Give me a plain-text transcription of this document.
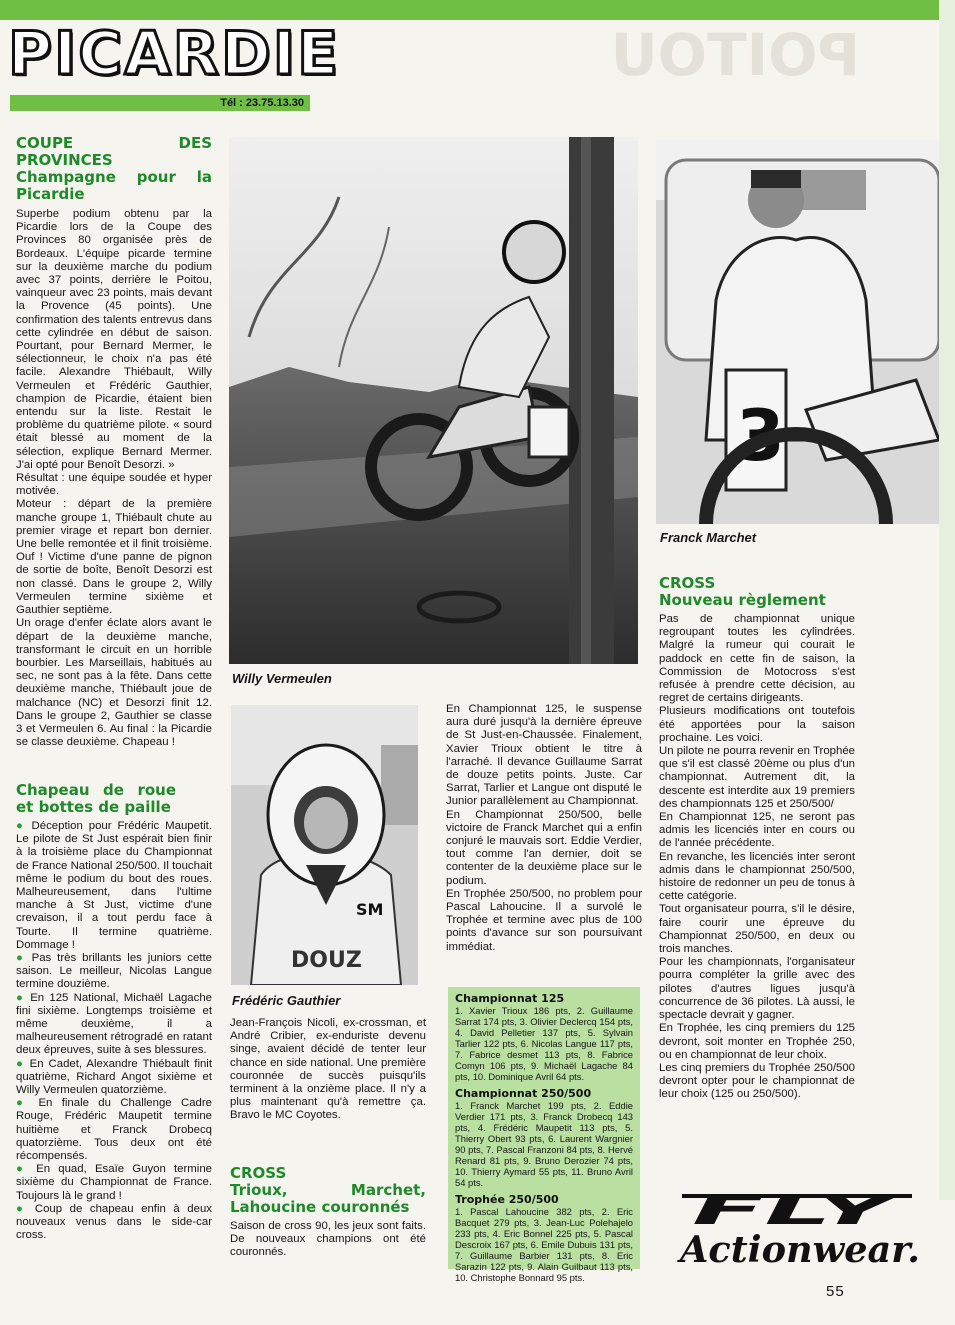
POITOU
PICARDIE
Tél : 23.75.13.30
COUPE DES PROVINCES
Champagne pour la Picardie

Superbe podium obtenu par la Picardie lors de la Coupe des Provinces 80 organisée près de Bordeaux. L'équipe picarde termine sur la deuxième marche du podium avec 37 points, derrière le Poitou, vainqueur avec 23 points, mais devant la Provence (45 points). Une confirmation des talents entrevus dans cette cylindrée en début de saison. Pourtant, pour Bernard Mermer, le sélectionneur, le choix n'a pas été facile. Alexandre Thiébault, Willy Vermeulen et Frédéric Gauthier, champion de Picardie, étaient bien entendu sur la liste. Restait le problème du quatrième pilote. « sourd était blessé au moment de la sélection, explique Bernard Mermer. J'ai opté pour Benoît Desorzi. »

Résultat : une équipe soudée et hyper motivée.

Moteur : départ de la première manche groupe 1, Thiébault chute au premier virage et repart bon dernier. Une belle remontée et il finit troisième. Ouf ! Victime d'une panne de pignon de sortie de boîte, Benoît Desorzi est non classé. Dans le groupe 2, Willy Vermeulen termine sixième et Gauthier septième.

Un orage d'enfer éclate alors avant le départ de la deuxième manche, transformant le circuit en un horrible bourbier. Les Marseillais, habitués au sec, ne sont pas à la fête. Dans cette deuxième manche, Thiébault joue de malchance (NC) et Desorzi finit 12. Dans le groupe 2, Gauthier se classe 3 et Vermeulen 6. Au final : la Picardie se classe deuxième. Chapeau !

Chapeau de roue et bottes de paille

● Déception pour Frédéric Maupetit. Le pilote de St Just espérait bien finir à la troisième place du Championnat de France National 250/500. Il touchait même le podium du bout des roues. Malheureusement, dans l'ultime manche à St Just, victime d'une crevaison, il a tout perdu face à Tourte. Il termine quatrième. Dommage !

● Pas très brillants les juniors cette saison. Le meilleur, Nicolas Langue termine douzième.

● En 125 National, Michaël Lagache fini sixième. Longtemps troisième et même deuxième, il a malheureusement rétrogradé en ratant deux épreuves, suite à ses blessures.

● En Cadet, Alexandre Thiébault finit quatrième, Richard Angot sixième et Willy Vermeulen quatorzième.

● En finale du Challenge Cadre Rouge, Frédéric Maupetit termine huitième et Franck Drobecq quatorzième. Tous deux ont été récompensés.

● En quad, Esaïe Guyon termine sixième du Championnat de France. Toujours là le grand !

● Coup de chapeau enfin à deux nouveaux venus dans le side-car cross.

Willy Vermeulen
3
Franck Marchet
SM
DOUZ
Frédéric Gauthier

Jean-François Nicoli, ex-crossman, et André Cribier, ex-enduriste devenu singe, avaient décidé de tenter leur chance en side national. Une première couronnée de succès puisqu'ils terminent à la onzième place. Il n'y a plus maintenant qu'à remettre ça. Bravo le MC Coyotes.

CROSS
Trioux, Marchet, Lahoucine couronnés

Saison de cross 90, les jeux sont faits. De nouveaux champions ont été couronnés.

En Championnat 125, le suspense aura duré jusqu'à la dernière épreuve de St Just-en-Chaussée. Finalement, Xavier Trioux obtient le titre à l'arraché. Il devance Guillaume Sarrat de douze petits points. Juste. Car Sarrat, Tarlier et Langue ont disputé le Junior parallèlement au Championnat.

En Championnat 250/500, belle victoire de Franck Marchet qui a enfin conjuré le mauvais sort. Eddie Verdier, tout comme l'an dernier, doit se contenter de la deuxième place sur le podium.

En Trophée 250/500, no problem pour Pascal Lahoucine. Il a survolé le Trophée et termine avec plus de 100 points d'avance sur son poursuivant immédiat.

Championnat 125

1. Xavier Trioux 186 pts, 2. Guillaume Sarrat 174 pts, 3. Olivier Declercq 154 pts, 4. David Pelletier 137 pts, 5. Sylvain Tarlier 122 pts, 6. Nicolas Langue 117 pts, 7. Fabrice desmet 113 pts, 8. Fabrice Comyn 106 pts, 9. Michaël Lagache 84 pts, 10. Dominique Avril 64 pts.

Championnat 250/500

1. Franck Marchet 199 pts, 2. Eddie Verdier 171 pts, 3. Franck Drobecq 143 pts, 4. Frédéric Maupetit 113 pts, 5. Thierry Obert 93 pts, 6. Laurent Wargnier 90 pts, 7. Pascal Franzoni 84 pts, 8. Hervé Renard 81 pts, 9. Bruno Derozier 74 pts, 10. Thierry Aymard 55 pts, 11. Bruno Avril 54 pts.

Trophée 250/500

1. Pascal Lahoucine 382 pts, 2. Eric Bacquet 279 pts, 3. Jean-Luc Polehajelo 233 pts, 4. Eric Bonnel 225 pts, 5. Pascal Descroix 167 pts, 6. Emile Dubuis 131 pts, 7. Guillaume Barbier 131 pts, 8. Eric Sarazin 122 pts, 9. Alain Guilbaut 113 pts, 10. Christophe Bonnard 95 pts.

CROSS
Nouveau règlement

Pas de championnat unique regroupant toutes les cylindrées. Malgré la rumeur qui courait le paddock en cette fin de saison, la Commission de Motocross s'est refusée à prendre cette décision, au regret de certains dirigeants.

Plusieurs modifications ont toutefois été apportées pour la saison prochaine. Les voici.

Un pilote ne pourra revenir en Trophée que s'il est classé 20ème ou plus d'un championnat. Autrement dit, la descente est interdite aux 19 premiers des championnats 125 et 250/500/

En Championnat 125, ne seront pas admis les licenciés inter en cours ou de l'année précédente.

En revanche, les licenciés inter seront admis dans le championnat 250/500, histoire de redonner un peu de tonus à cette catégorie.

Tout organisateur pourra, s'il le désire, faire courir une épreuve du Championnat 250/500, en deux ou trois manches.

Pour les championnats, l'organisateur pourra compléter la grille avec des pilotes d'autres ligues jusqu'à concurrence de 36 pilotes. Là aussi, le spectacle devrait y gagner.

En Trophée, les cinq premiers du 125 devront, soit monter en Trophée 250, ou en championnat de leur choix.

Les cinq premiers du Trophée 250/500 devront opter pour le championnat de leur choix (125 ou 250/500).

FLY
Actionwear.
55
